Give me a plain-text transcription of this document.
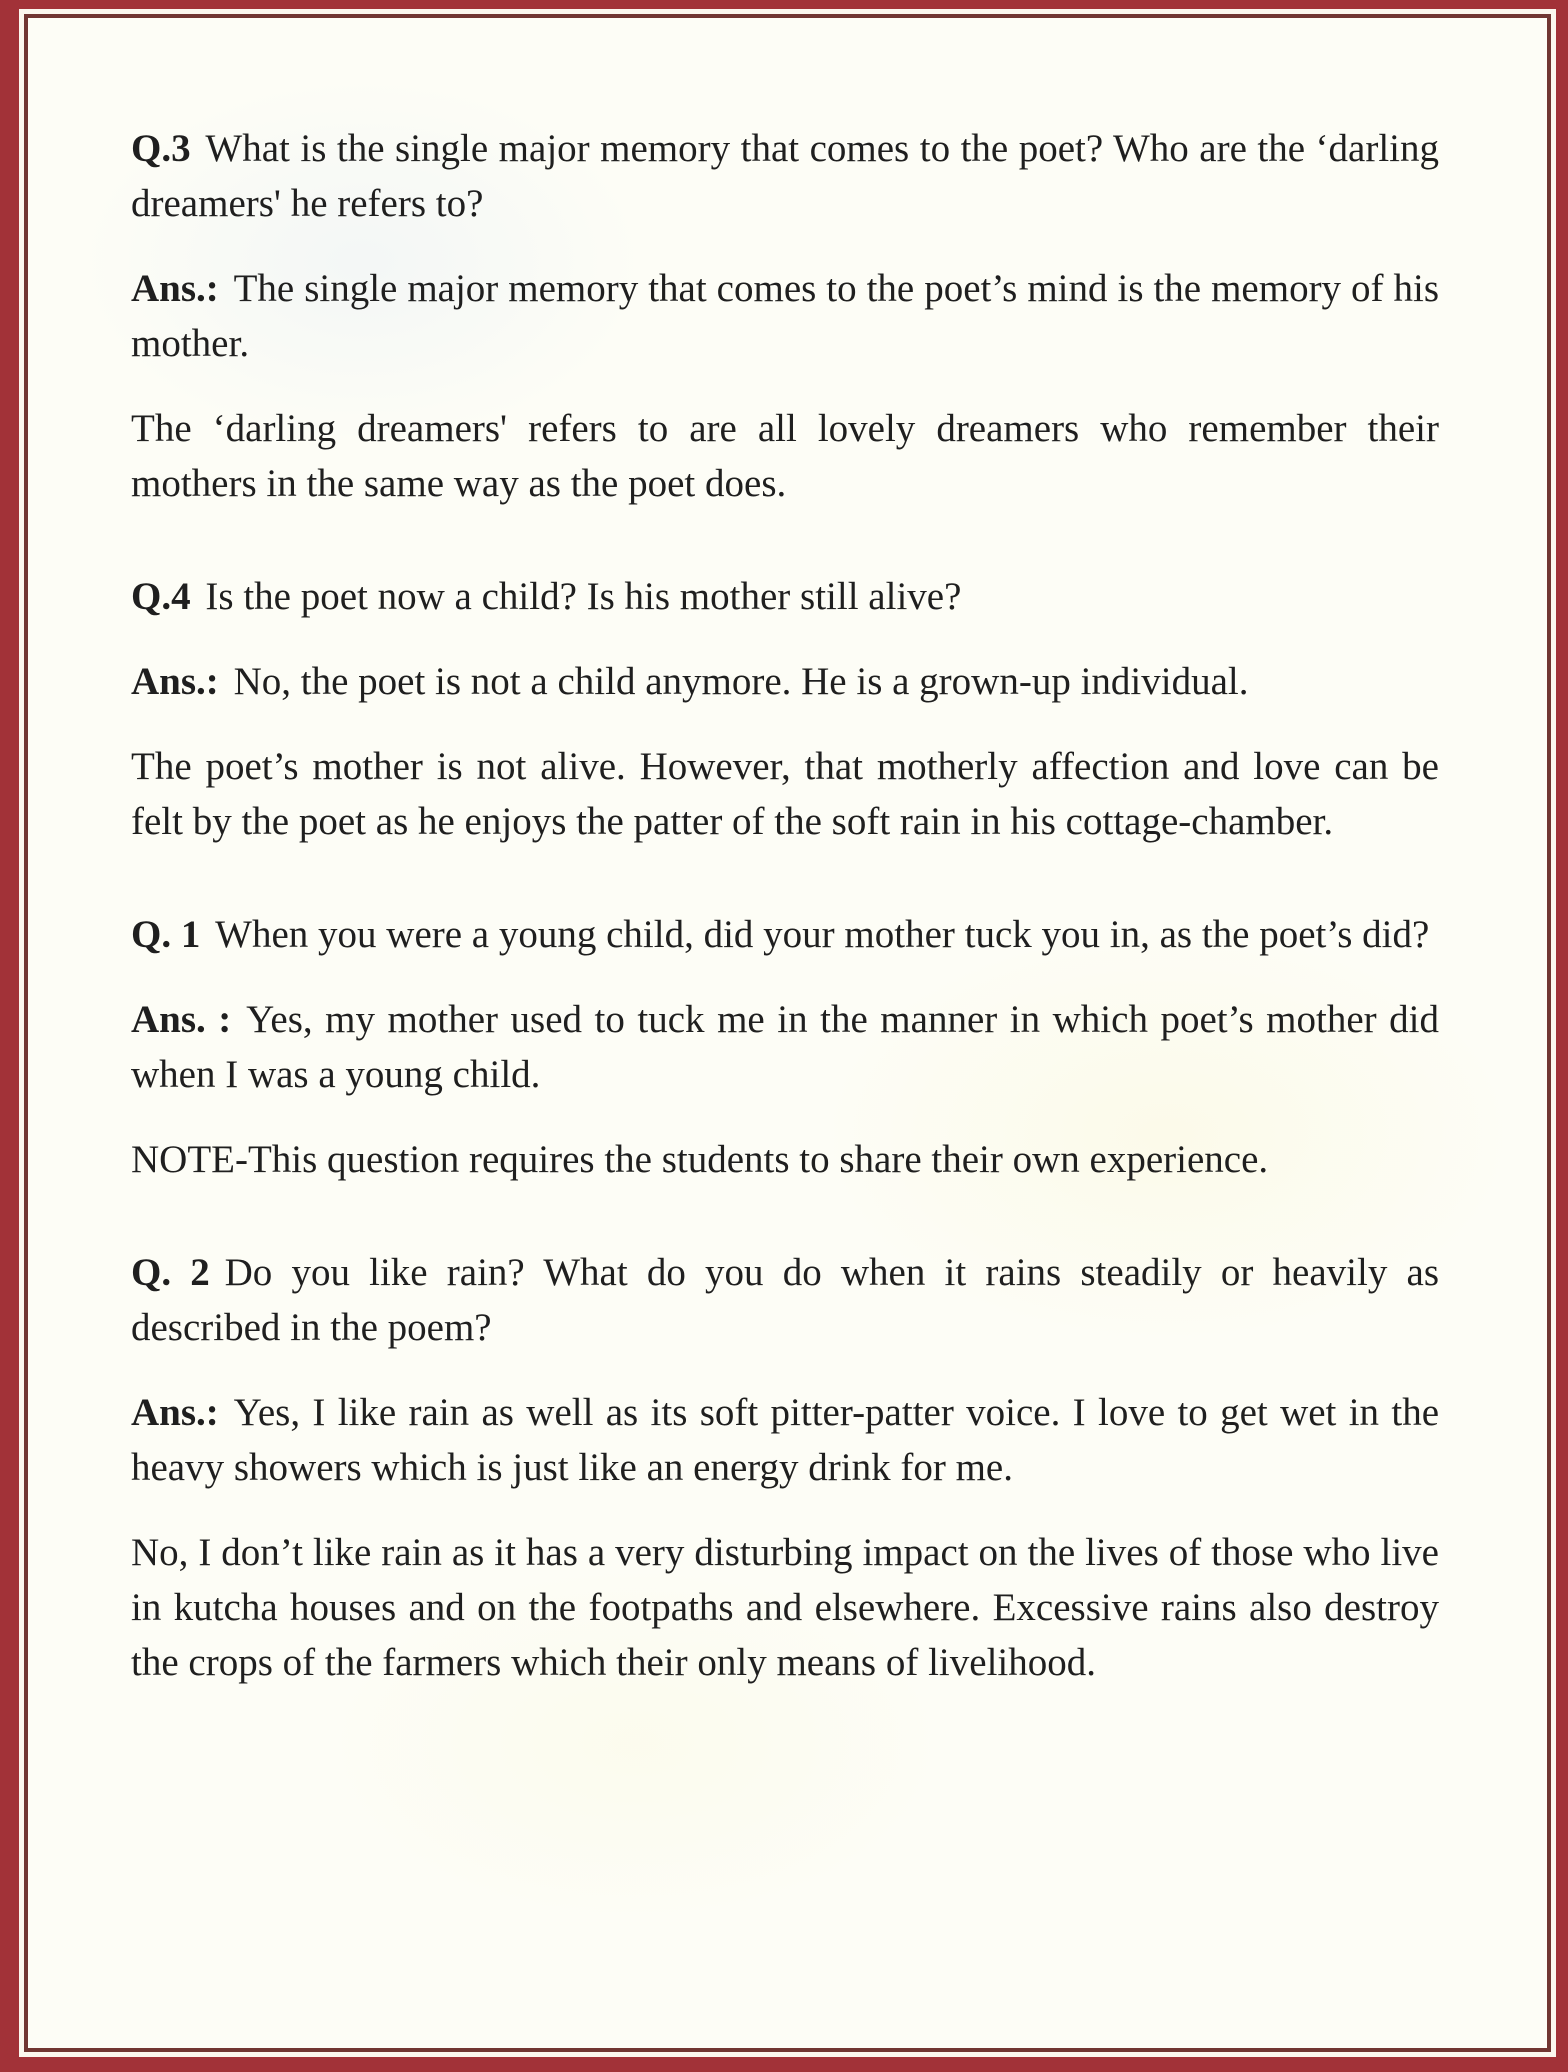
Q.3 What is the single major memory that comes to the poet? Who are the ‘darling dreamers' he refers to?

Ans.: The single major memory that comes to the poet’s mind is the memory of his mother.

The ‘darling dreamers' refers to are all lovely dreamers who remember their mothers in the same way as the poet does.

Q.4 Is the poet now a child? Is his mother still alive?

Ans.: No, the poet is not a child anymore. He is a grown-up individual.

The poet’s mother is not alive. However, that motherly affection and love can be felt by the poet as he enjoys the patter of the soft rain in his cottage-chamber.

Q. 1 When you were a young child, did your mother tuck you in, as the poet’s did?

Ans. : Yes, my mother used to tuck me in the manner in which poet’s mother did when I was a young child.

NOTE-This question requires the students to share their own experience.

Q. 2 Do you like rain? What do you do when it rains steadily or heavily as described in the poem?

Ans.: Yes, I like rain as well as its soft pitter-patter voice. I love to get wet in the heavy showers which is just like an energy drink for me.

No, I don’t like rain as it has a very disturbing impact on the lives of those who live in kutcha houses and on the footpaths and elsewhere. Excessive rains also destroy the crops of the farmers which their only means of livelihood.
